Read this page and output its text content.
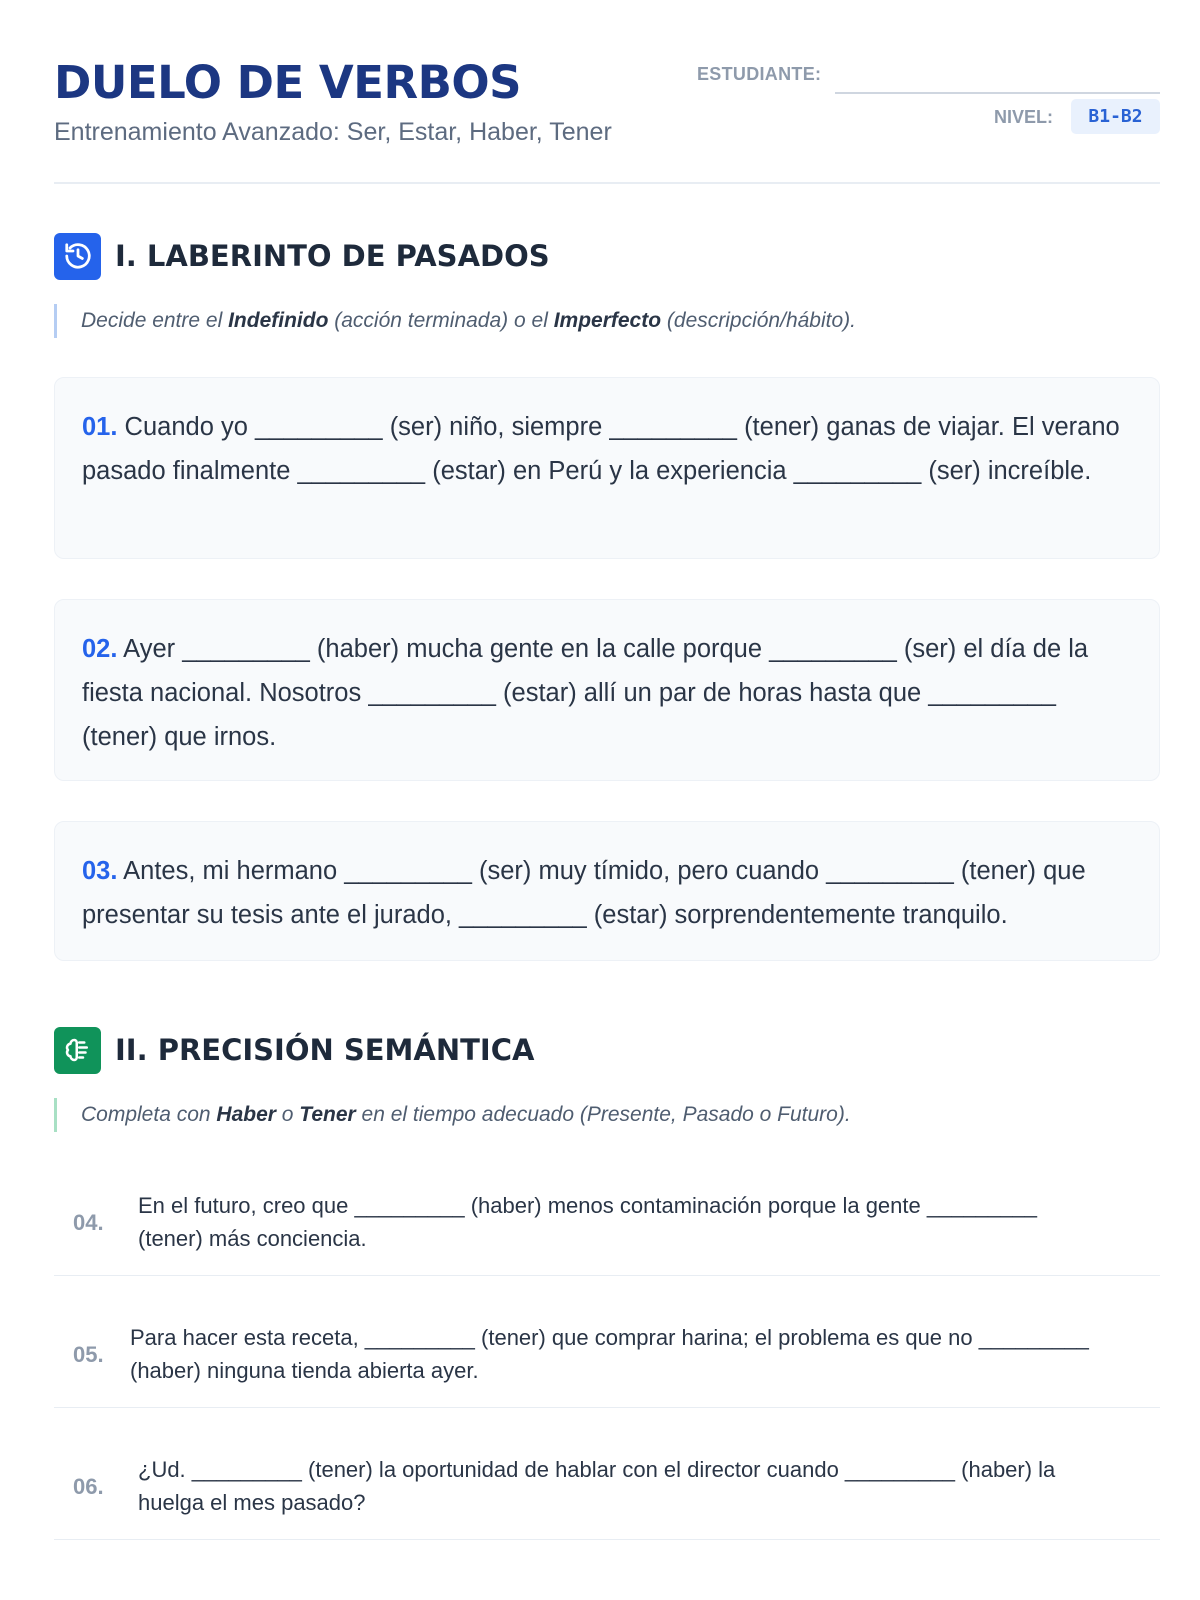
DUELO DE VERBOS
Entrenamiento Avanzado: Ser, Estar, Haber, Tener
ESTUDIANTE:
NIVEL:	B1-B2
I. LABERINTO DE PASADOS
Decide entre el Indefinido (acción terminada) o el Imperfecto (descripción/hábito).
01. Cuando yo _________ (ser) niño, siempre _________ (tener) ganas de viajar. El verano pasado finalmente _________ (estar) en Perú y la experiencia _________ (ser) increíble.
02. Ayer _________ (haber) mucha gente en la calle porque _________ (ser) el día de la fiesta nacional. Nosotros _________ (estar) allí un par de horas hasta que _________ (tener) que irnos.
03. Antes, mi hermano _________ (ser) muy tímido, pero cuando _________ (tener) que presentar su tesis ante el jurado, _________ (estar) sorprendentemente tranquilo.
II. PRECISIÓN SEMÁNTICA
Completa con Haber o Tener en el tiempo adecuado (Presente, Pasado o Futuro).
04.
En el futuro, creo que _________ (haber) menos contaminación porque la gente _________ (tener) más conciencia.
05.
Para hacer esta receta, _________ (tener) que comprar harina; el problema es que no _________ (haber) ninguna tienda abierta ayer.
06.
¿Ud. _________ (tener) la oportunidad de hablar con el director cuando _________ (haber) la huelga el mes pasado?
